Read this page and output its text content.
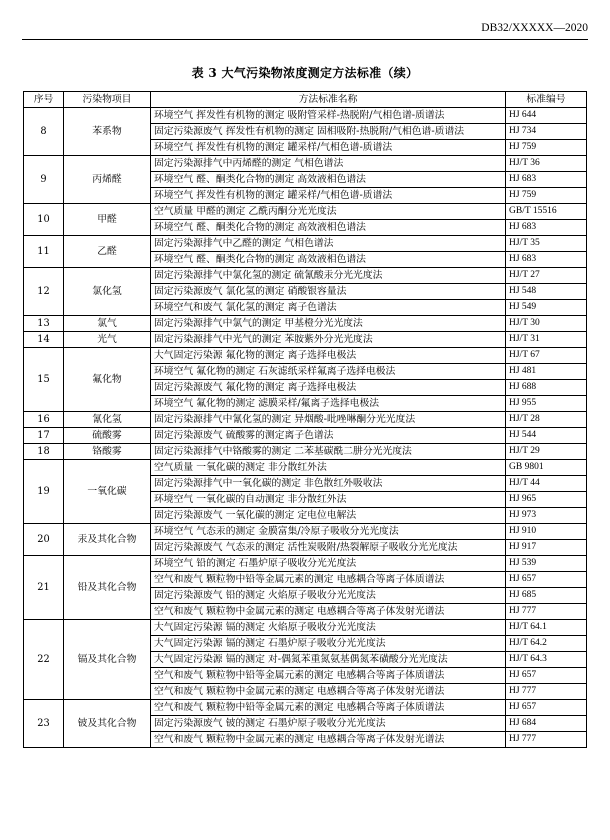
DB32/XXXXX—2020
表 3 大气污染物浓度测定方法标准（续）
序号	污染物项目	方法标准名称	标准编号
8	苯系物	环境空气 挥发性有机物的测定 吸附管采样-热脱附/气相色谱-质谱法	HJ 644
		固定污染源废气 挥发性有机物的测定 固相吸附-热脱附/气相色谱-质谱法	HJ 734
		环境空气 挥发性有机物的测定 罐采样/气相色谱-质谱法	HJ 759
9	丙烯醛	固定污染源排气中丙烯醛的测定 气相色谱法	HJ/T 36
		环境空气 醛、酮类化合物的测定 高效液相色谱法	HJ 683
		环境空气 挥发性有机物的测定 罐采样/气相色谱-质谱法	HJ 759
10	甲醛	空气质量 甲醛的测定 乙酰丙酮分光光度法	GB/T 15516
		环境空气 醛、酮类化合物的测定 高效液相色谱法	HJ 683
11	乙醛	固定污染源排气中乙醛的测定 气相色谱法	HJ/T 35
		环境空气 醛、酮类化合物的测定 高效液相色谱法	HJ 683
12	氯化氢	固定污染源排气中氯化氢的测定 硫氰酸汞分光光度法	HJ/T 27
		固定污染源废气 氯化氢的测定 硝酸银容量法	HJ 548
		环境空气和废气 氯化氢的测定 离子色谱法	HJ 549
13	氯气	固定污染源排气中氯气的测定 甲基橙分光光度法	HJ/T 30
14	光气	固定污染源排气中光气的测定 苯胺紫外分光光度法	HJ/T 31
15	氟化物	大气固定污染源 氟化物的测定 离子选择电极法	HJ/T 67
		环境空气 氟化物的测定 石灰滤纸采样氟离子选择电极法	HJ 481
		固定污染源废气 氟化物的测定 离子选择电极法	HJ 688
		环境空气 氟化物的测定 滤膜采样/氟离子选择电极法	HJ 955
16	氰化氢	固定污染源排气中氰化氢的测定 异烟酸-吡唑啉酮分光光度法	HJ/T 28
17	硫酸雾	固定污染源废气 硫酸雾的测定离子色谱法	HJ 544
18	铬酸雾	固定污染源排气中铬酸雾的测定 二苯基碳酰二肼分光光度法	HJ/T 29
19	一氧化碳	空气质量 一氧化碳的测定 非分散红外法	GB 9801
		固定污染源排气中一氧化碳的测定 非色散红外吸收法	HJ/T 44
		环境空气 一氧化碳的自动测定 非分散红外法	HJ 965
		固定污染源废气 一氧化碳的测定 定电位电解法	HJ 973
20	汞及其化合物	环境空气 气态汞的测定 金膜富集/冷原子吸收分光光度法	HJ 910
		固定污染源废气 气态汞的测定 活性炭吸附/热裂解原子吸收分光光度法	HJ 917
21	铅及其化合物	环境空气 铅的测定 石墨炉原子吸收分光光度法	HJ 539
		空气和废气 颗粒物中铅等金属元素的测定 电感耦合等离子体质谱法	HJ 657
		固定污染源废气 铅的测定 火焰原子吸收分光光度法	HJ 685
		空气和废气 颗粒物中金属元素的测定 电感耦合等离子体发射光谱法	HJ 777
22	镉及其化合物	大气固定污染源 镉的测定 火焰原子吸收分光光度法	HJ/T 64.1
		大气固定污染源 镉的测定 石墨炉原子吸收分光光度法	HJ/T 64.2
		大气固定污染源 镉的测定 对-偶氮苯重氮氨基偶氮苯磺酸分光光度法	HJ/T 64.3
		空气和废气 颗粒物中铅等金属元素的测定 电感耦合等离子体质谱法	HJ 657
		空气和废气 颗粒物中金属元素的测定 电感耦合等离子体发射光谱法	HJ 777
23	铍及其化合物	空气和废气 颗粒物中铅等金属元素的测定 电感耦合等离子体质谱法	HJ 657
		固定污染源废气 铍的测定 石墨炉原子吸收分光光度法	HJ 684
		空气和废气 颗粒物中金属元素的测定 电感耦合等离子体发射光谱法	HJ 777
